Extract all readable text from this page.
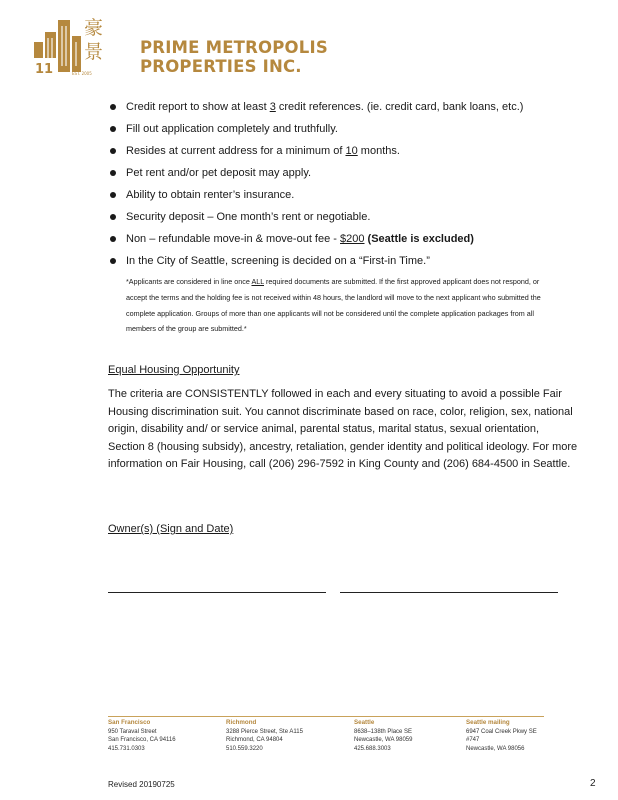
11	EST. 2005
豪
景 PRIME METROPOLIS
PROPERTIES INC.
Credit report to show at least 3 credit references. (ie. credit card, bank loans, etc.)
Fill out application completely and truthfully.
Resides at current address for a minimum of 10 months.
Pet rent and/or pet deposit may apply.
Ability to obtain renter’s insurance.
Security deposit – One month’s rent or negotiable.
Non – refundable move-in & move-out fee - $200 (Seattle is excluded)
In the City of Seattle, screening is decided on a “First-in Time.”
*Applicants are considered in line once ALL required documents are submitted. If the first approved applicant does not respond, or accept the terms and the holding fee is not received within 48 hours, the landlord will move to the next applicant who submitted the complete application. Groups of more than one applicants will not be considered until the complete application packages from all members of the group are submitted.*
Equal Housing Opportunity
The criteria are CONSISTENTLY followed in each and every situating to avoid a possible Fair Housing discrimination suit. You cannot discriminate based on race, color, religion, sex, national origin, disability and/ or service animal, parental status, marital status, sexual orientation, Section 8 (housing subsidy), ancestry, retaliation, gender identity and political ideology. For more information on Fair Housing, call (206) 296-7592 in King County and (206) 684-4500 in Seattle.
Owner(s) (Sign and Date)
San Francisco
950 Taraval Street
San Francisco, CA 94116
415.731.0303
Richmond
3288 Pierce Street, Ste A115
Richmond, CA 94804
510.559.3220
Seattle
8638–138th Place SE
Newcastle, WA 98059
425.688.3003
Seattle mailing
6947 Coal Creek Pkwy SE
#747
Newcastle, WA 98056
Revised 20190725	2
